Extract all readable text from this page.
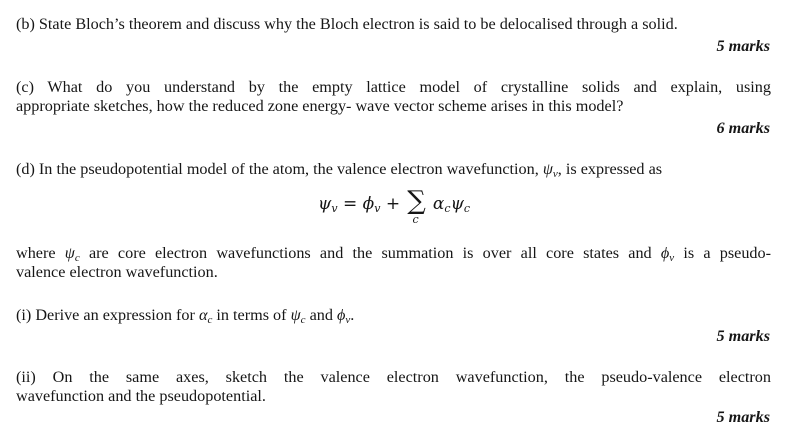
(b) State Bloch’s theorem and discuss why the Bloch electron is said to be delocalised through a solid.
5 marks
(c) What do you understand by the empty lattice model of crystalline solids and explain, using
appropriate sketches, how the reduced zone energy- wave vector scheme arises in this model?
6 marks
(d) In the pseudopotential model of the atom, the valence electron wavefunction, $\psi_v$, is expressed as
$\psi_v = \phi_v$ + ∑
c
$\alpha_c\psi_c$
where $\psi_c$ are core electron wavefunctions and the summation is over all core states and $\phi_v$ is a pseudo-
valence electron wavefunction.
(i) Derive an expression for $\alpha_c$ in terms of $\psi_c$ and $\phi_v$.
5 marks
(ii) On the same axes, sketch the valence electron wavefunction, the pseudo-valence electron
wavefunction and the pseudopotential.
5 marks
